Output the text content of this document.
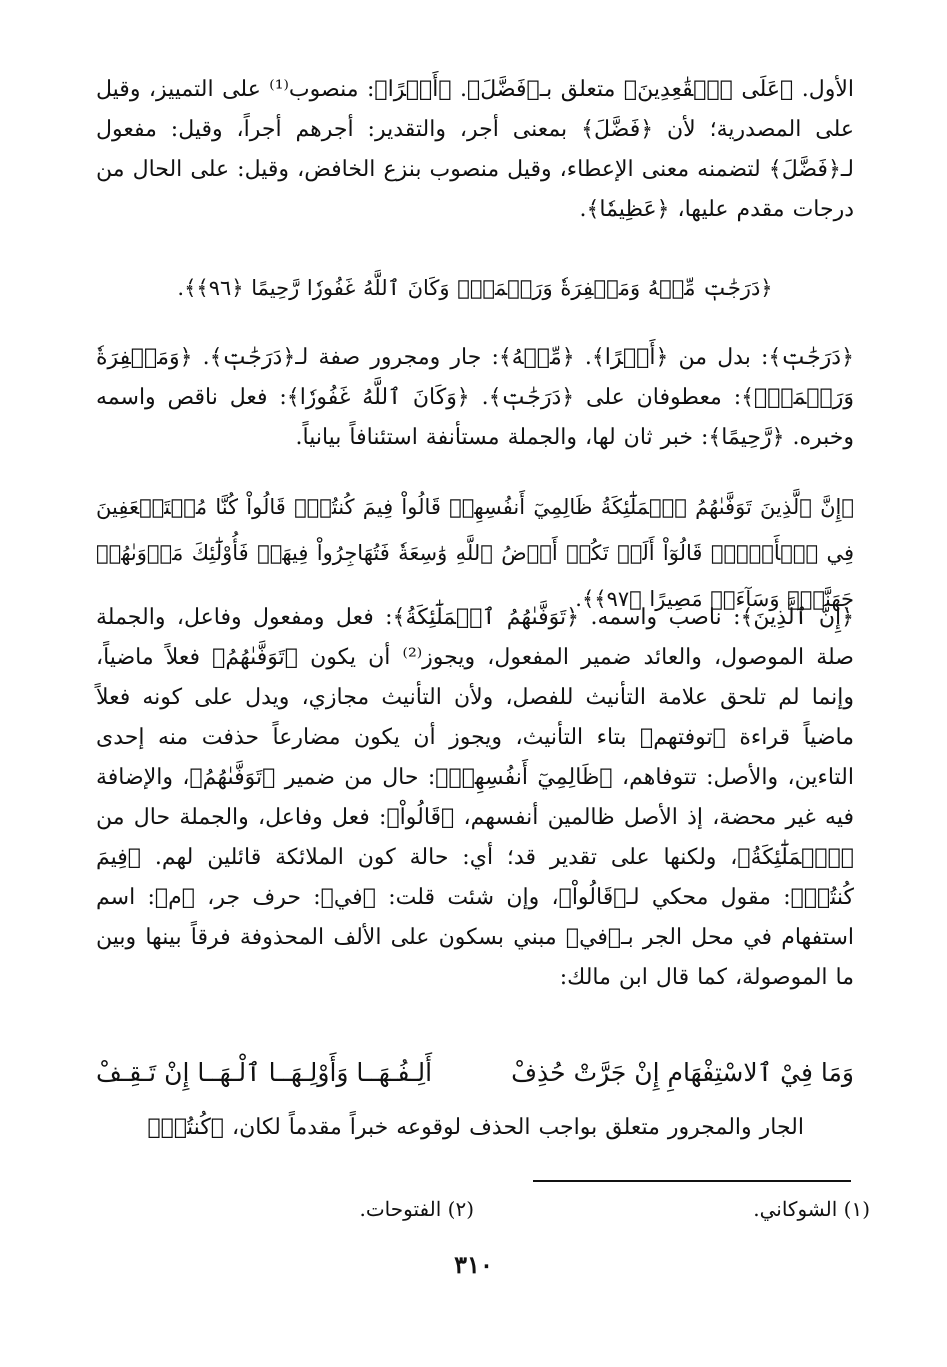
الأول. ﴿عَلَى ٱلۡقَٰعِدِينَ﴾ متعلق بـ﴿فَضَّلَ﴾. ﴿أَجۡرًا﴾: منصوب⁽¹⁾ على التمييز، وقيل على المصدرية؛ لأن ﴿فَضَّلَ﴾ بمعنى أجر، والتقدير: أجرهم أجراً، وقيل: مفعول لـ﴿فَضَّلَ﴾ لتضمنه معنى الإعطاء، وقيل منصوب بنزع الخافض، وقيل: على الحال من درجات مقدم عليها، ﴿عَظِيمٗا﴾.
﴿دَرَجَٰتٖ مِّنۡهُ وَمَغۡفِرَةٗ وَرَحۡمَةٗۚ وَكَانَ ٱللَّهُ غَفُورٗا رَّحِيمًا ﴿٩٦﴾﴾.
﴿دَرَجَٰتٖ﴾: بدل من ﴿أَجۡرًا﴾. ﴿مِّنۡهُ﴾: جار ومجرور صفة لـ﴿دَرَجَٰتٖ﴾. ﴿وَمَغۡفِرَةٗ وَرَحۡمَةٗۚ﴾: معطوفان على ﴿دَرَجَٰتٖ﴾. ﴿وَكَانَ ٱللَّهُ غَفُورٗا﴾: فعل ناقص واسمه وخبره. ﴿رَّحِيمًا﴾: خبر ثان لها، والجملة مستأنفة استئنافاً بيانياً.
﴿إِنَّ ٱلَّذِينَ تَوَفَّىٰهُمُ ٱلۡمَلَٰٓئِكَةُ ظَالِمِيٓ أَنفُسِهِمۡ قَالُواْ فِيمَ كُنتُمۡۖ قَالُواْ كُنَّا مُسۡتَضۡعَفِينَ فِي ٱلۡأَرۡضِۚ قَالُوٓاْ أَلَمۡ تَكُنۡ أَرۡضُ ٱللَّهِ وَٰسِعَةٗ فَتُهَاجِرُواْ فِيهَاۚ فَأُوْلَٰٓئِكَ مَأۡوَىٰهُمۡ جَهَنَّمُۖ وَسَآءَتۡ مَصِيرًا ﴿٩٧﴾﴾.
﴿إِنَّ ٱلَّذِينَ﴾: ناصب واسمه. ﴿تَوَفَّىٰهُمُ ٱلۡمَلَٰٓئِكَةُ﴾: فعل ومفعول وفاعل، والجملة صلة الموصول، والعائد ضمير المفعول، ويجوز⁽²⁾ أن يكون ﴿تَوَفَّىٰهُمُ﴾ فعلاً ماضياً، وإنما لم تلحق علامة التأنيث للفصل، ولأن التأنيث مجازي، ويدل على كونه فعلاً ماضياً قراءة ﴿توفتهم﴾ بتاء التأنيث، ويجوز أن يكون مضارعاً حذفت منه إحدى التاءين، والأصل: تتوفاهم، ﴿ظَالِمِيٓ أَنفُسِهِمۡ﴾: حال من ضمير ﴿تَوَفَّىٰهُمُ﴾، والإضافة فيه غير محضة، إذ الأصل ظالمين أنفسهم، ﴿قَالُواْ﴾: فعل وفاعل، والجملة حال من ﴿ٱلۡمَلَٰٓئِكَةُ﴾، ولكنها على تقدير قد؛ أي: حالة كون الملائكة قائلين لهم. ﴿فِيمَ كُنتُمۡ﴾: مقول محكي لـ﴿قَالُواْ﴾، وإن شئت قلت: ﴿في﴾: حرف جر، ﴿م﴾: اسم استفهام في محل الجر بـ﴿في﴾ مبني بسكون على الألف المحذوفة فرقاً بينها وبين ما الموصولة، كما قال ابن مالك:
وَمَا فِيْ ٱلاسْتِفْهَامِ إِنْ جَرَّتْ حُذِفْ
أَلِـفُـهَــا وَأَوْلِـهَــا ٱلْـهَــا إِنْ تَـقِـفْ
الجار والمجرور متعلق بواجب الحذف لوقوعه خبراً مقدماً لكان، ﴿كُنتُمۡ﴾
(١) الشوكاني.
(٢) الفتوحات.
٣١٠
